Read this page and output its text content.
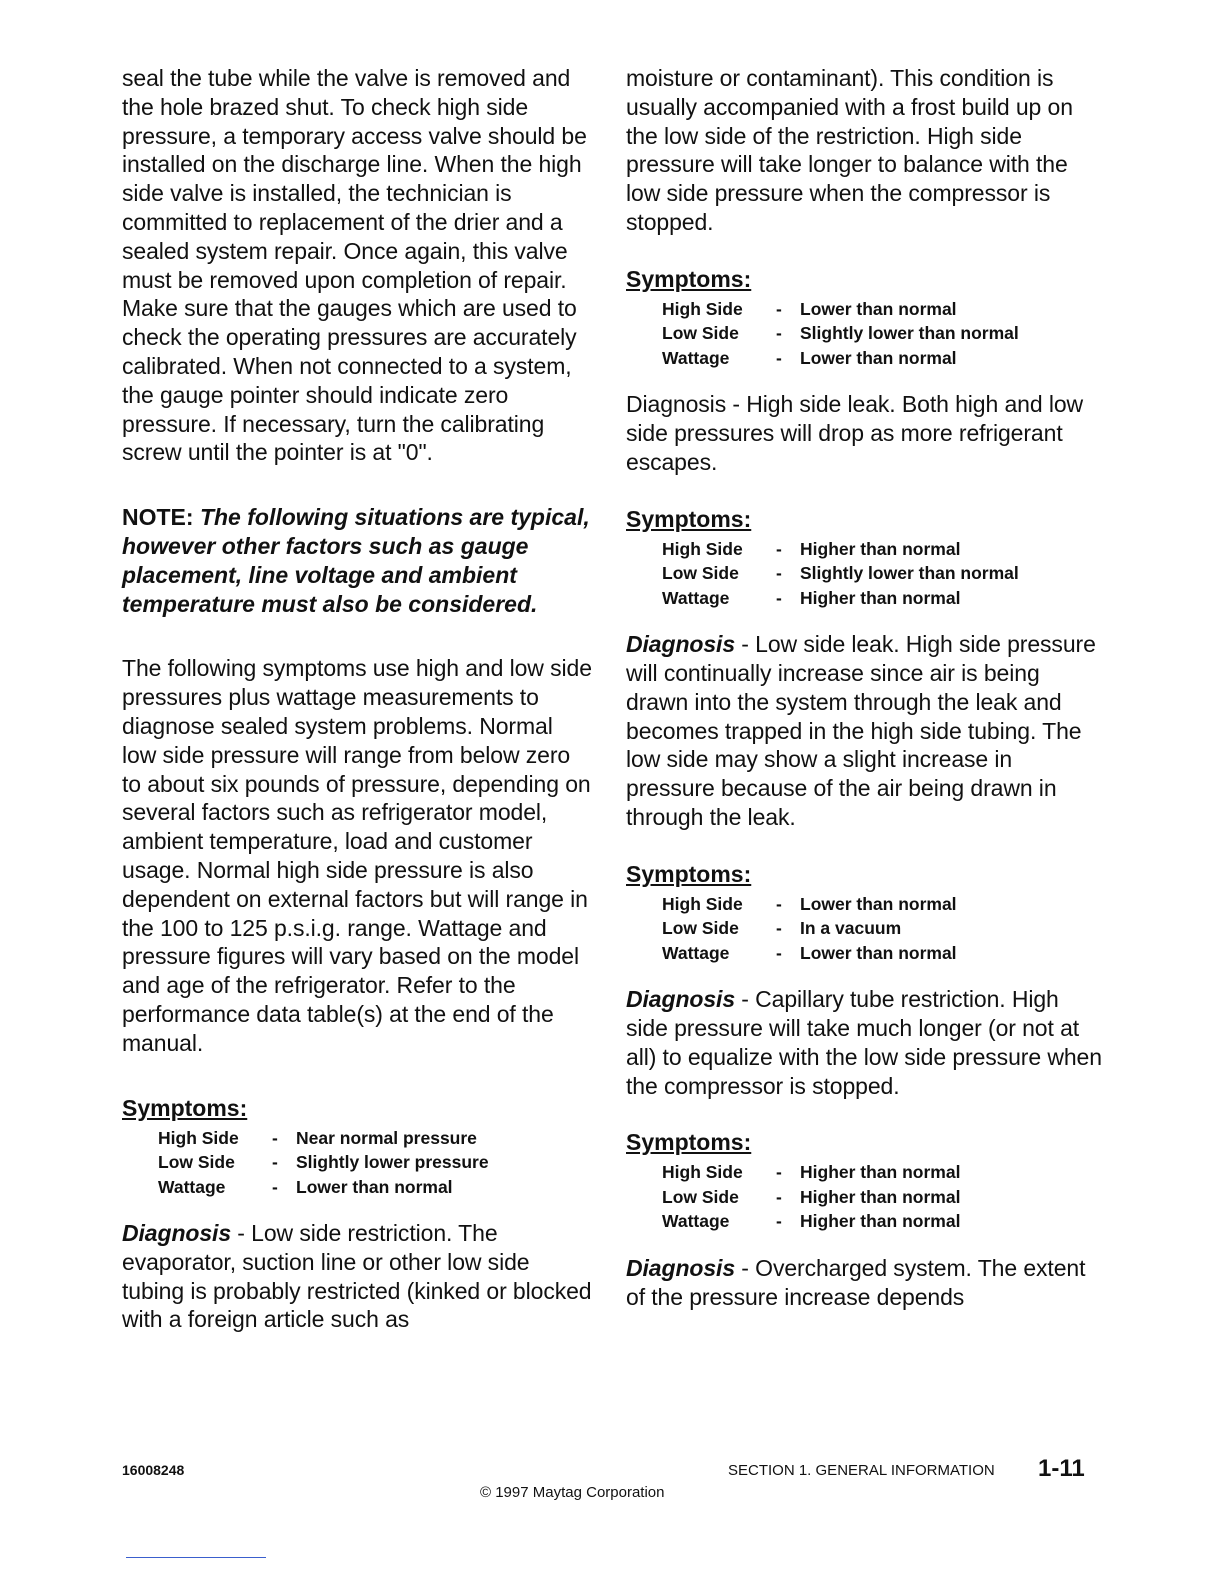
seal the tube while the valve is removed and the hole brazed shut. To check high side pressure, a temporary access valve should be installed on the discharge line. When the high side valve is installed, the technician is committed to replacement of the drier and a sealed system repair. Once again, this valve must be removed upon completion of repair. Make sure that the gauges which are used to check the operating pressures are accurately calibrated. When not connected to a system, the gauge pointer should indicate zero pressure. If necessary, turn the calibrating screw until the pointer is at "0".

NOTE: The following situations are typical, however other factors such as gauge placement, line voltage and ambient temperature must also be considered.

The following symptoms use high and low side pressures plus wattage measurements to diagnose sealed system problems. Normal low side pressure will range from below zero to about six pounds of pressure, depending on several factors such as refrigerator model, ambient temperature, load and customer usage. Normal high side pressure is also dependent on external factors but will range in the 100 to 125 p.s.i.g. range. Wattage and pressure figures will vary based on the model and age of the refrigerator. Refer to the performance data table(s) at the end of the manual.

Symptoms:

High Side	-	Near normal pressure
Low Side	-	Slightly lower pressure
Wattage	-	Lower than normal

Diagnosis - Low side restriction. The evaporator, suction line or other low side tubing is probably restricted (kinked or blocked with a foreign article such as

moisture or contaminant). This condition is usually accompanied with a frost build up on the low side of the restriction. High side pressure will take longer to balance with the low side pressure when the compressor is stopped.

Symptoms:

High Side	-	Lower than normal
Low Side	-	Slightly lower than normal
Wattage	-	Lower than normal

Diagnosis - High side leak. Both high and low side pressures will drop as more refrigerant escapes.

Symptoms:

High Side	-	Higher than normal
Low Side	-	Slightly lower than normal
Wattage	-	Higher than normal

Diagnosis - Low side leak. High side pressure will continually increase since air is being drawn into the system through the leak and becomes trapped in the high side tubing. The low side may show a slight increase in pressure because of the air being drawn in through the leak.

Symptoms:

High Side	-	Lower than normal
Low Side	-	In a vacuum
Wattage	-	Lower than normal

Diagnosis - Capillary tube restriction. High side pressure will take much longer (or not at all) to equalize with the low side pressure when the compressor is stopped.

Symptoms:

High Side	-	Higher than normal
Low Side	-	Higher than normal
Wattage	-	Higher than normal

Diagnosis - Overcharged system. The extent of the pressure increase depends

16008248	SECTION 1. GENERAL INFORMATION 1-11
© 1997 Maytag Corporation
